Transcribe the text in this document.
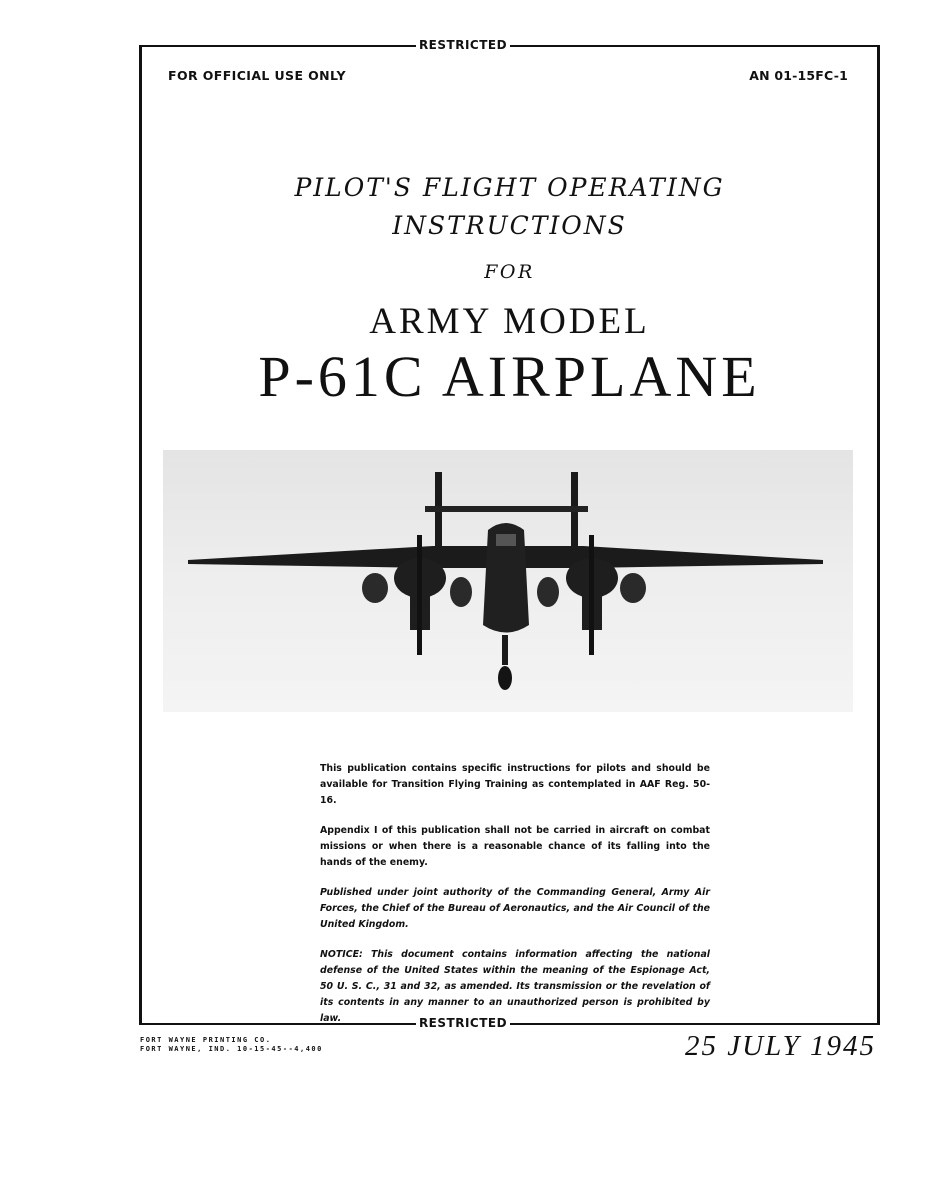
RESTRICTED
FOR OFFICIAL USE ONLY	AN 01-15FC-1
PILOT'S FLIGHT OPERATING
INSTRUCTIONS
FOR
ARMY MODEL
P-61C AIRPLANE

This publication contains specific instructions for pilots and should be available for Transition Flying Training as contemplated in AAF Reg. 50-16.

Appendix I of this publication shall not be carried in aircraft on combat missions or when there is a reasonable chance of its falling into the hands of the enemy.

Published under joint authority of the Commanding General, Army Air Forces, the Chief of the Bureau of Aeronautics, and the Air Council of the United Kingdom.

NOTICE: This document contains information affecting the national defense of the United States within the meaning of the Espionage Act, 50 U. S. C., 31 and 32, as amended. Its transmission or the revelation of its contents in any manner to an unauthorized person is prohibited by law.	RESTRICTED
FORT WAYNE PRINTING CO.
FORT WAYNE, IND. 10-15-45--4,400	25 JULY 1945
